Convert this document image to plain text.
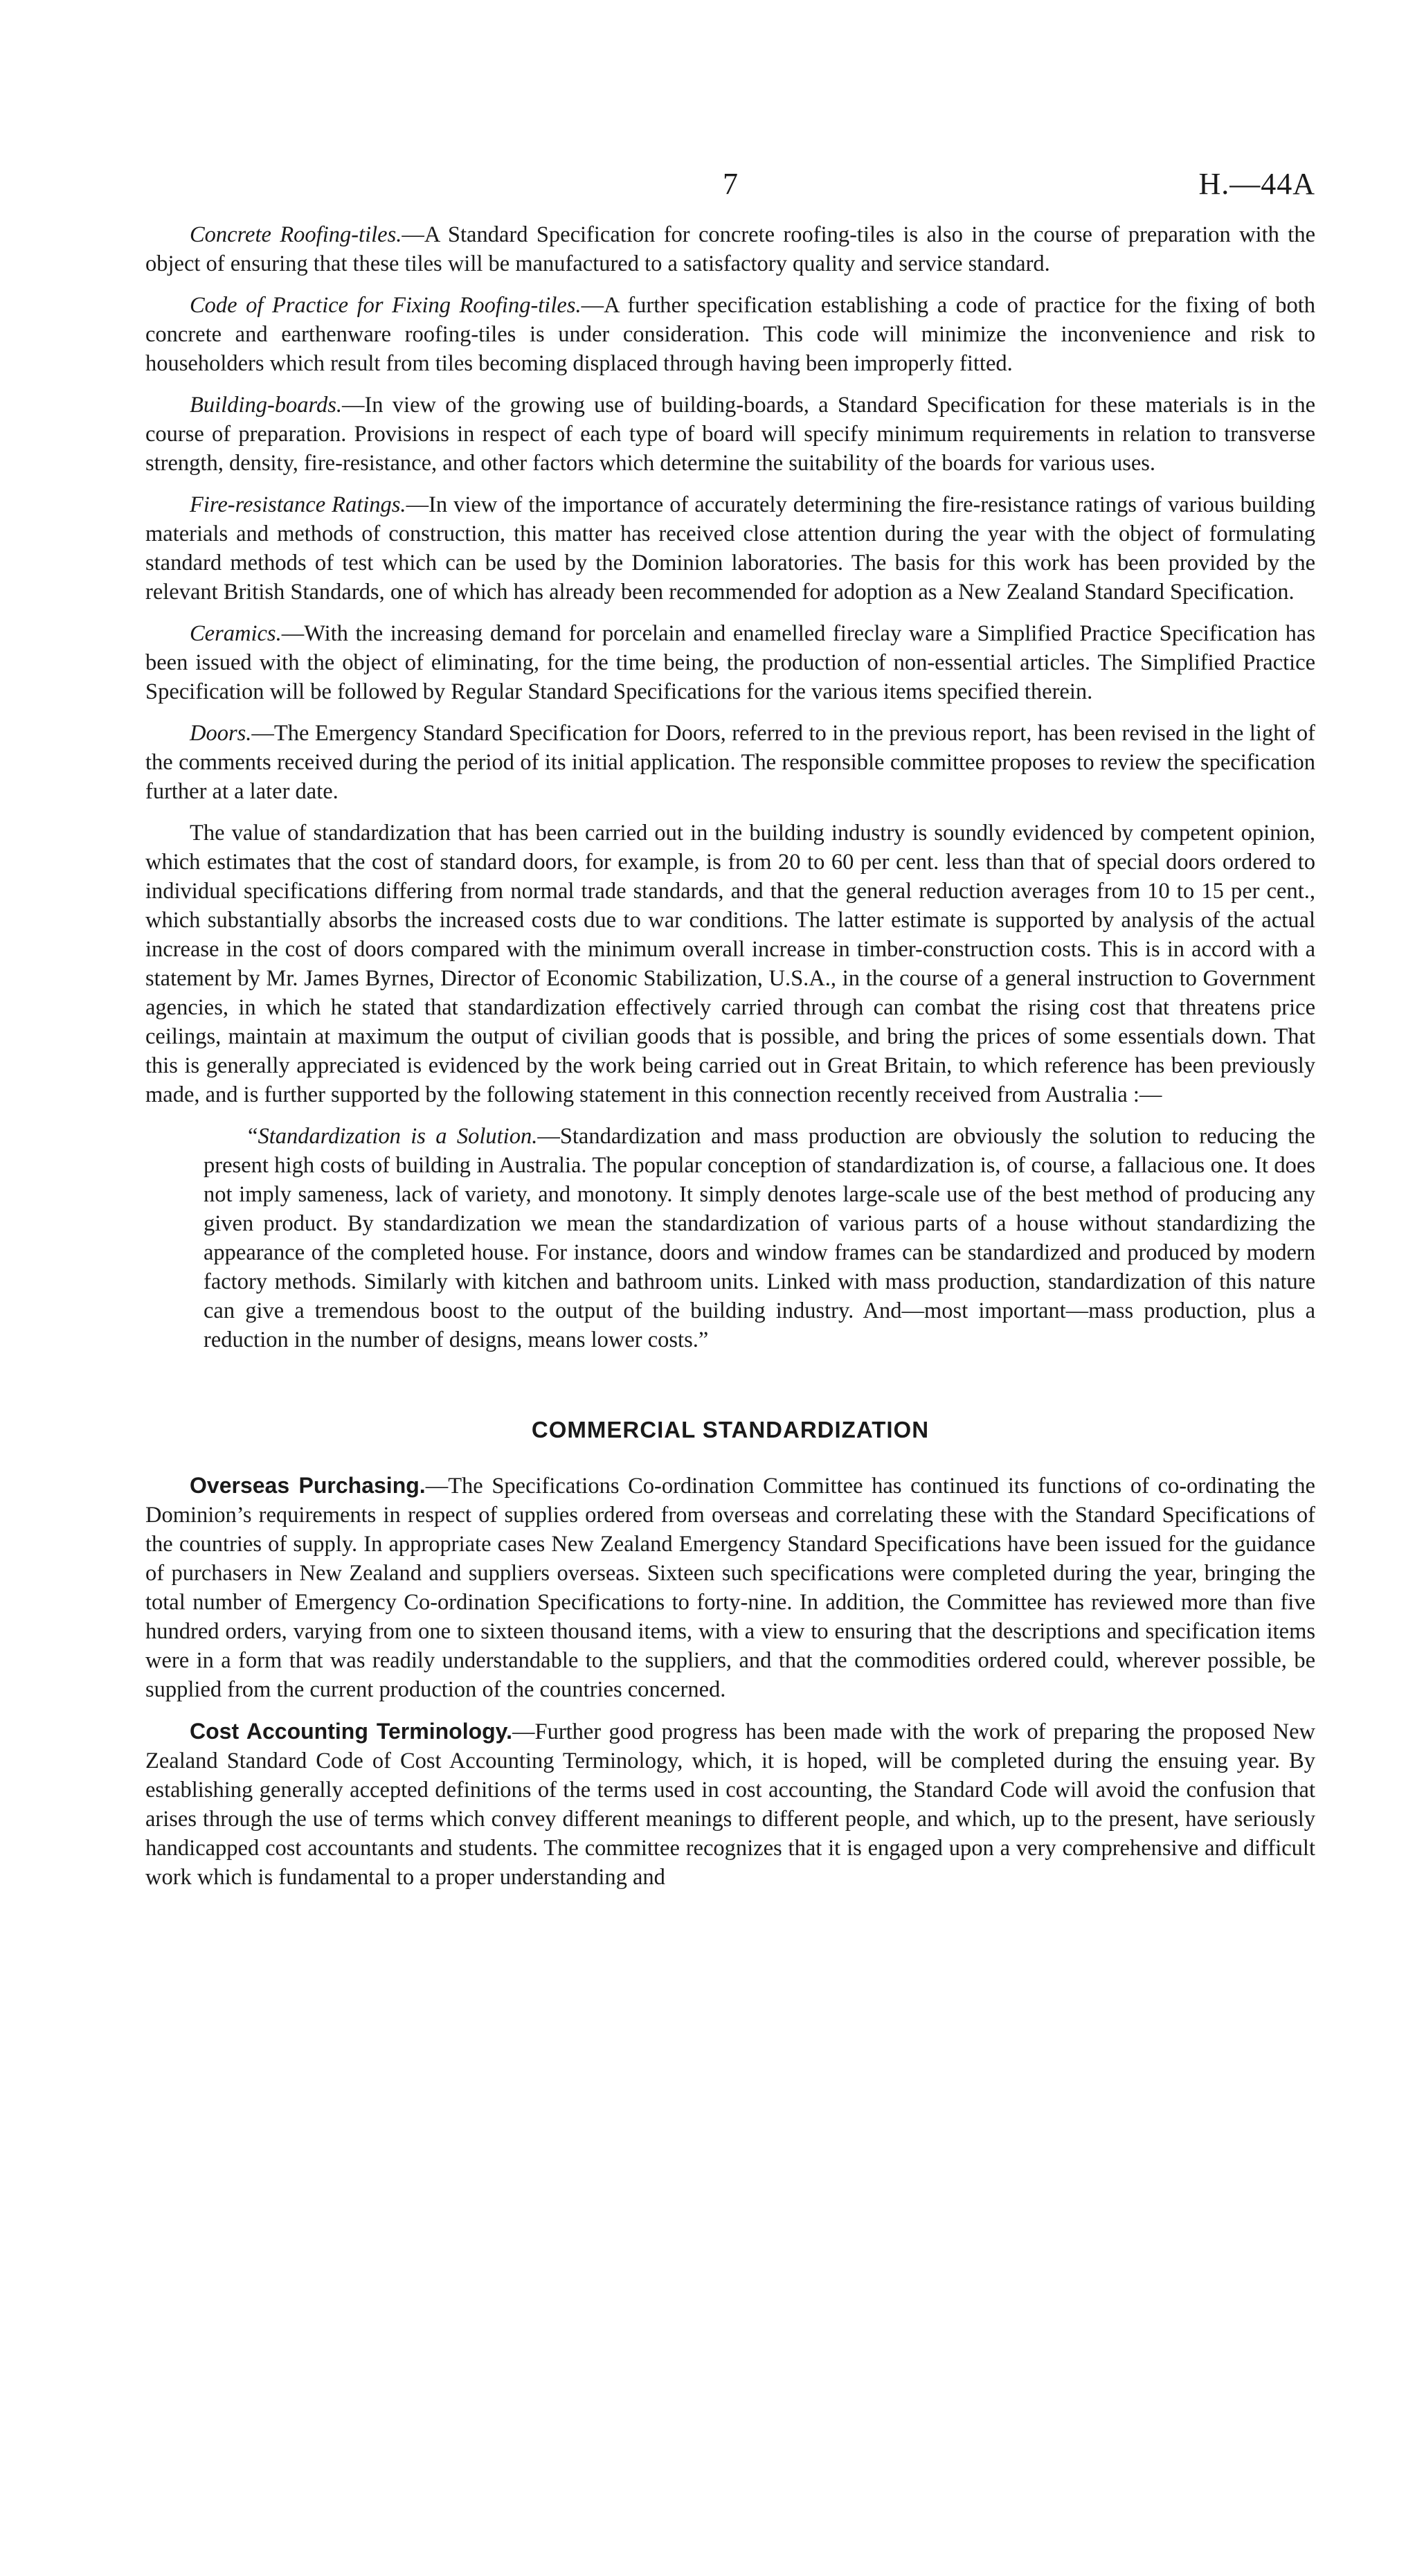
7	H.—44A

Concrete Roofing-tiles.—A Standard Specification for concrete roofing-tiles is also in the course of preparation with the object of ensuring that these tiles will be manufactured to a satisfactory quality and service standard.

Code of Practice for Fixing Roofing-tiles.—A further specification establishing a code of practice for the fixing of both concrete and earthenware roofing-tiles is under consideration. This code will minimize the inconvenience and risk to householders which result from tiles becoming displaced through having been improperly fitted.

Building-boards.—In view of the growing use of building-boards, a Standard Specification for these materials is in the course of preparation. Provisions in respect of each type of board will specify minimum requirements in relation to transverse strength, density, fire-resistance, and other factors which determine the suitability of the boards for various uses.

Fire-resistance Ratings.—In view of the importance of accurately determining the fire-resistance ratings of various building materials and methods of construction, this matter has received close attention during the year with the object of formulating standard methods of test which can be used by the Dominion laboratories. The basis for this work has been provided by the relevant British Standards, one of which has already been recommended for adoption as a New Zealand Standard Specification.

Ceramics.—With the increasing demand for porcelain and enamelled fireclay ware a Simplified Practice Specification has been issued with the object of eliminating, for the time being, the production of non-essential articles. The Simplified Practice Specification will be followed by Regular Standard Specifications for the various items specified therein.

Doors.—The Emergency Standard Specification for Doors, referred to in the previous report, has been revised in the light of the comments received during the period of its initial application. The responsible committee proposes to review the specification further at a later date.

The value of standardization that has been carried out in the building industry is soundly evidenced by competent opinion, which estimates that the cost of standard doors, for example, is from 20 to 60 per cent. less than that of special doors ordered to individual specifications differing from normal trade standards, and that the general reduction averages from 10 to 15 per cent., which substantially absorbs the increased costs due to war conditions. The latter estimate is supported by analysis of the actual increase in the cost of doors compared with the minimum overall increase in timber-construction costs. This is in accord with a statement by Mr. James Byrnes, Director of Economic Stabilization, U.S.A., in the course of a general instruction to Government agencies, in which he stated that standardization effectively carried through can combat the rising cost that threatens price ceilings, maintain at maximum the output of civilian goods that is possible, and bring the prices of some essentials down. That this is generally appreciated is evidenced by the work being carried out in Great Britain, to which reference has been previously made, and is further supported by the following statement in this connection recently received from Australia :—

“Standardization is a Solution.—Standardization and mass production are obviously the solution to reducing the present high costs of building in Australia. The popular conception of standardization is, of course, a fallacious one. It does not imply sameness, lack of variety, and monotony. It simply denotes large-scale use of the best method of producing any given product. By standardization we mean the standardization of various parts of a house without standardizing the appearance of the completed house. For instance, doors and window frames can be standardized and produced by modern factory methods. Similarly with kitchen and bathroom units. Linked with mass production, standardization of this nature can give a tremendous boost to the output of the building industry. And—most important—mass production, plus a reduction in the number of designs, means lower costs.”

COMMERCIAL STANDARDIZATION

Overseas Purchasing.—The Specifications Co-ordination Committee has continued its functions of co-ordinating the Dominion’s requirements in respect of supplies ordered from overseas and correlating these with the Standard Specifications of the countries of supply. In appropriate cases New Zealand Emergency Standard Specifications have been issued for the guidance of purchasers in New Zealand and suppliers overseas. Sixteen such specifications were completed during the year, bringing the total number of Emergency Co-ordination Specifications to forty-nine. In addition, the Committee has reviewed more than five hundred orders, varying from one to sixteen thousand items, with a view to ensuring that the descriptions and specification items were in a form that was readily understandable to the suppliers, and that the commodities ordered could, wherever possible, be supplied from the current production of the countries concerned.

Cost Accounting Terminology.—Further good progress has been made with the work of preparing the proposed New Zealand Standard Code of Cost Accounting Terminology, which, it is hoped, will be completed during the ensuing year. By establishing generally accepted definitions of the terms used in cost accounting, the Standard Code will avoid the confusion that arises through the use of terms which convey different meanings to different people, and which, up to the present, have seriously handicapped cost accountants and students. The committee recognizes that it is engaged upon a very comprehensive and difficult work which is fundamental to a proper understanding and
